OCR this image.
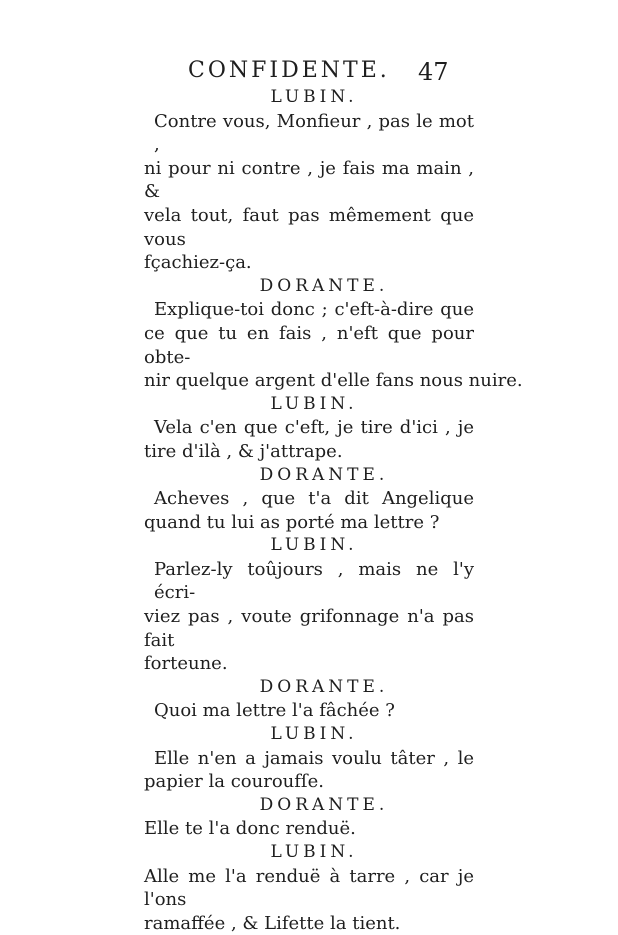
CONFIDENTE. 47
LUBIN.
Contre vous, Monfieur , pas le mot ,
ni pour ni contre , je fais ma main , &
vela tout, faut pas mêmement que vous
fçachiez-ça.
DORANTE.
Explique-toi donc ; c'eft-à-dire que
ce que tu en fais , n'eft que pour obte-
nir quelque argent d'elle fans nous nuire.
LUBIN.
Vela c'en que c'eft, je tire d'ici , je
tire d'ilà , & j'attrape.
DORANTE.
Acheves , que t'a dit Angelique
quand tu lui as porté ma lettre ?
LUBIN.
Parlez-ly toûjours , mais ne l'y écri-
viez pas , voute grifonnage n'a pas fait
forteune.
DORANTE.
Quoi ma lettre l'a fâchée ?
LUBIN.
Elle n'en a jamais voulu tâter , le
papier la couroufſe.
DORANTE.
Elle te l'a donc renduë.
LUBIN.
Alle me l'a renduë à tarre , car je l'ons
ramaffée , & Lifette la tient.
